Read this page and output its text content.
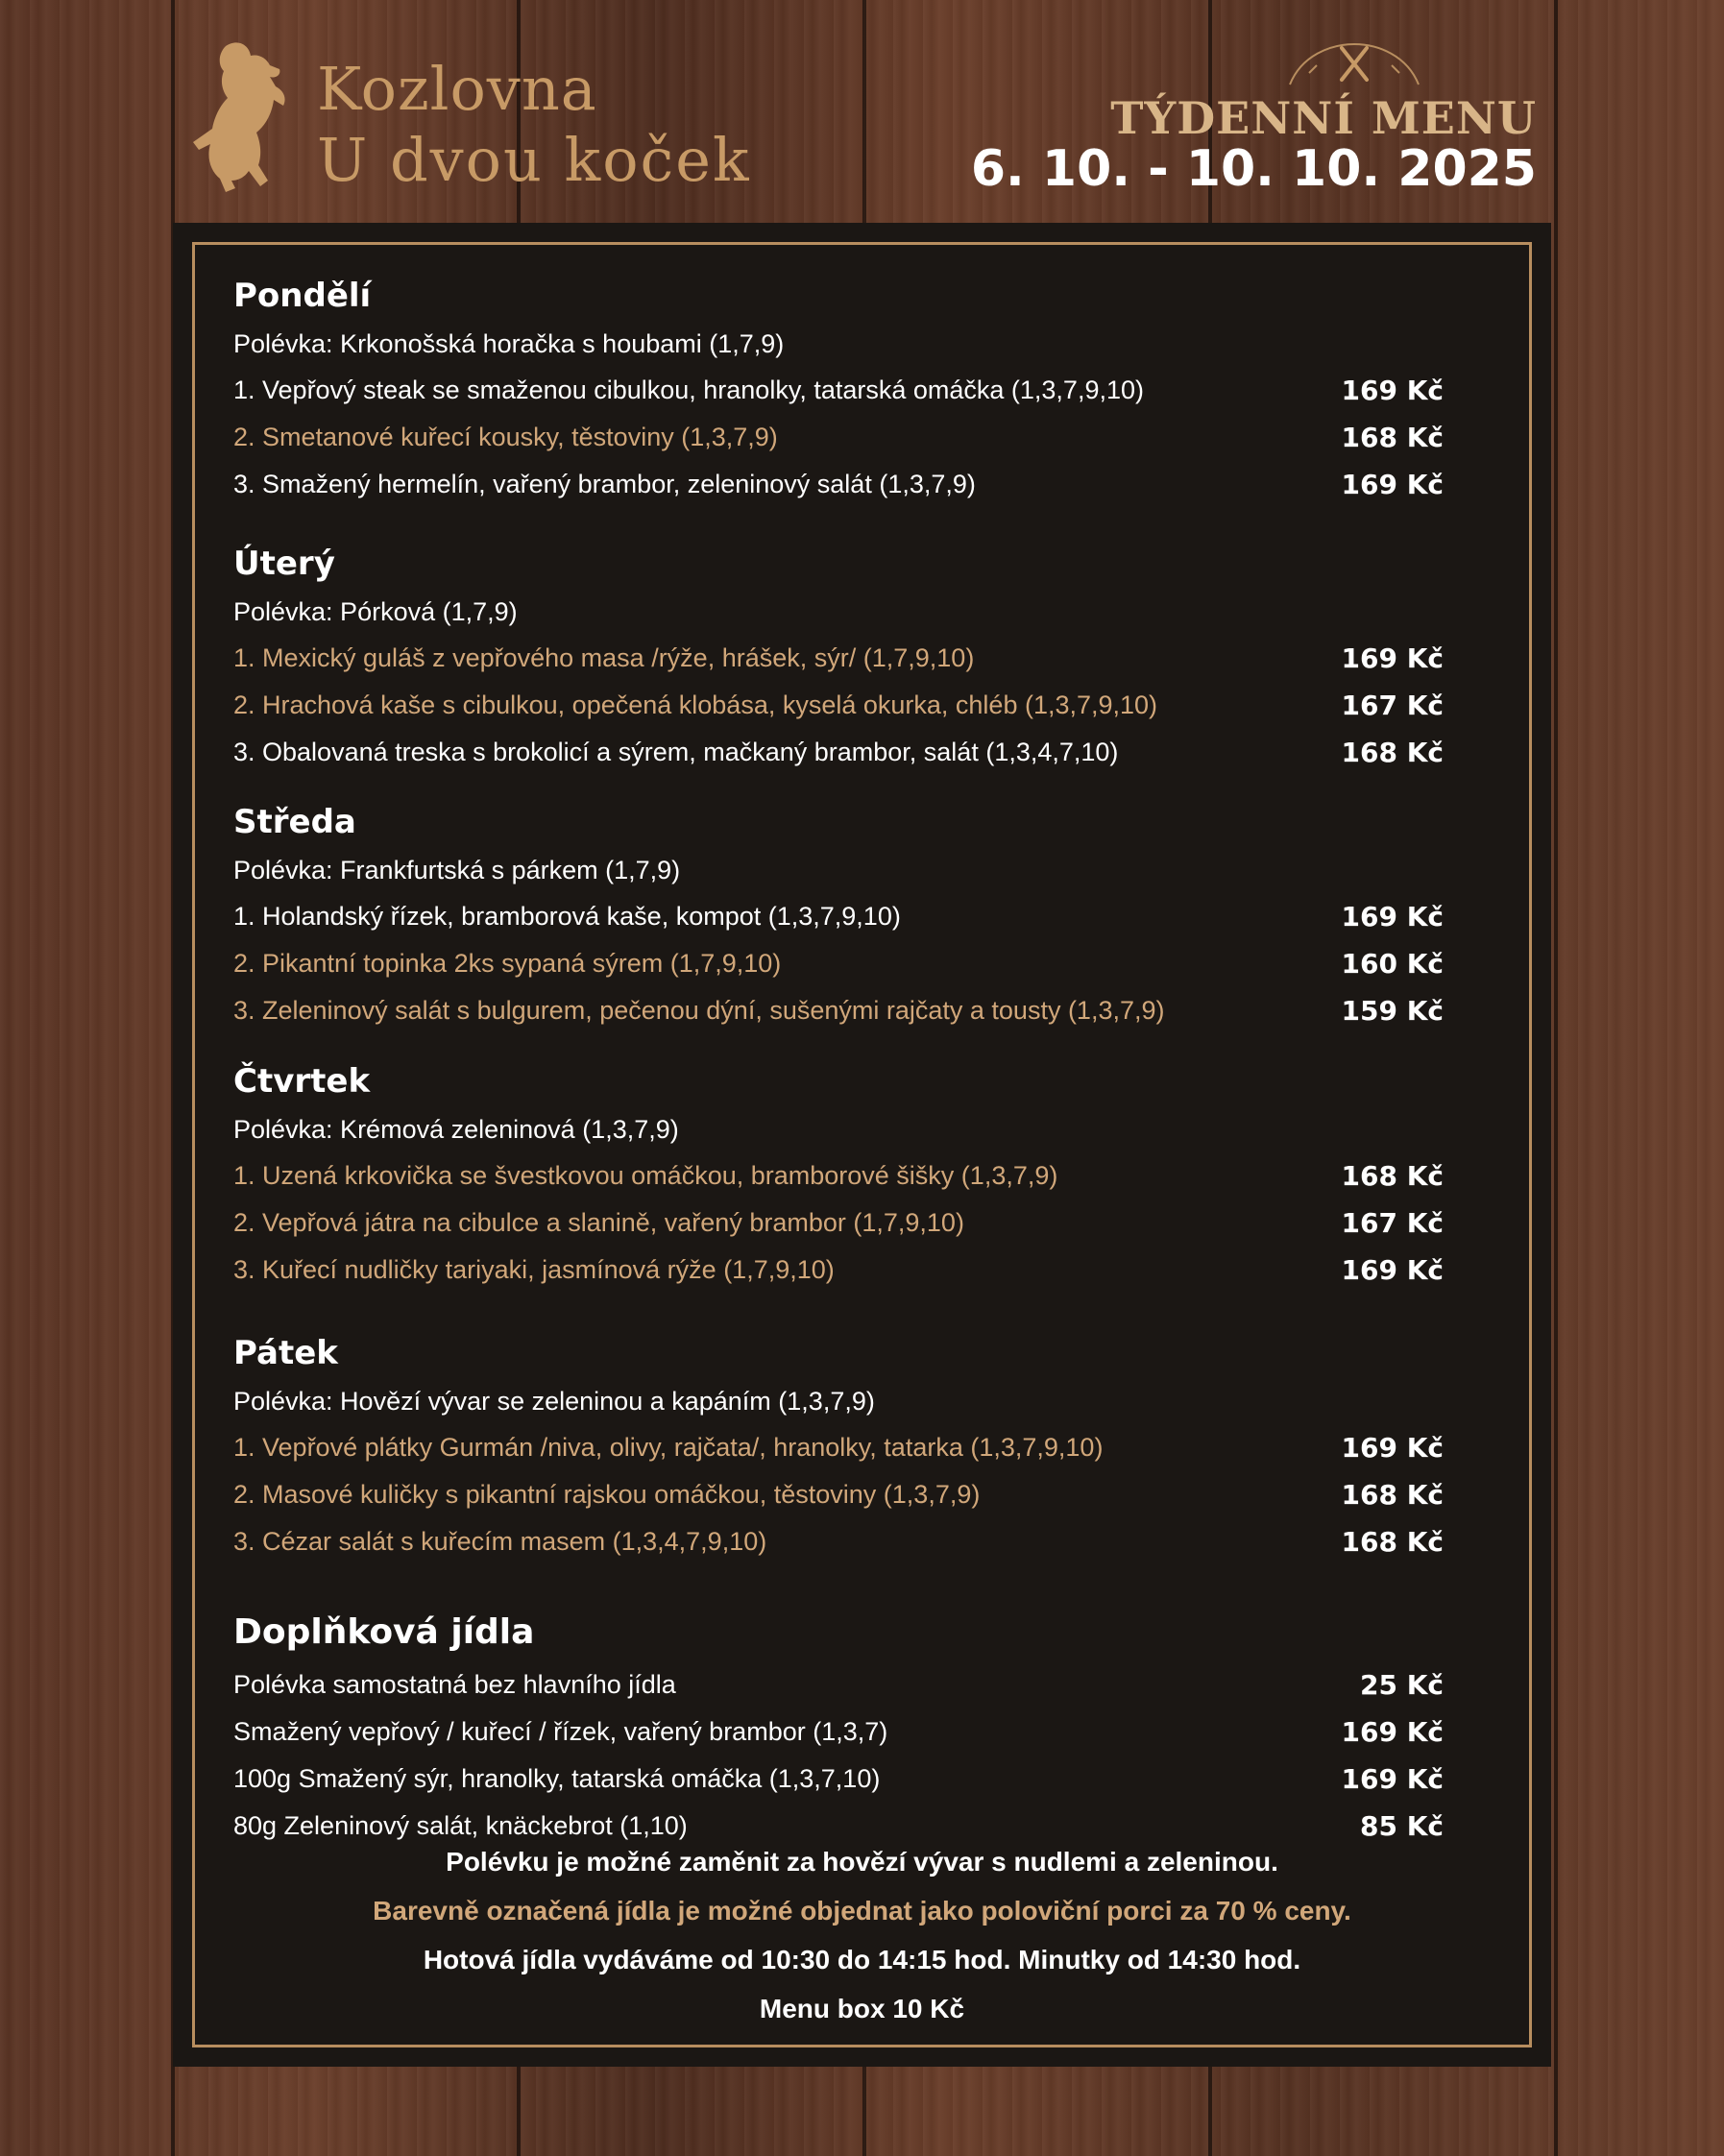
Kozlovna
U dvou koček
TÝDENNÍ MENU
6. 10. - 10. 10. 2025
Pondělí
Polévka: Krkonošská horačka s houbami (1,7,9)
1. Vepřový steak se smaženou cibulkou, hranolky, tatarská omáčka (1,3,7,9,10)	169 Kč
2. Smetanové kuřecí kousky, těstoviny (1,3,7,9)	168 Kč
3. Smažený hermelín, vařený brambor, zeleninový salát (1,3,7,9)	169 Kč
Úterý
Polévka: Pórková (1,7,9)
1. Mexický guláš z vepřového masa /rýže, hrášek, sýr/ (1,7,9,10)	169 Kč
2. Hrachová kaše s cibulkou, opečená klobása, kyselá okurka, chléb (1,3,7,9,10)	167 Kč
3. Obalovaná treska s brokolicí a sýrem, mačkaný brambor, salát (1,3,4,7,10)	168 Kč
Středa
Polévka: Frankfurtská s párkem (1,7,9)
1. Holandský řízek, bramborová kaše, kompot (1,3,7,9,10)	169 Kč
2. Pikantní topinka 2ks sypaná sýrem (1,7,9,10)	160 Kč
3. Zeleninový salát s bulgurem, pečenou dýní, sušenými rajčaty a tousty (1,3,7,9)	159 Kč
Čtvrtek
Polévka: Krémová zeleninová (1,3,7,9)
1. Uzená krkovička se švestkovou omáčkou, bramborové šišky (1,3,7,9)	168 Kč
2. Vepřová játra na cibulce a slanině, vařený brambor (1,7,9,10)	167 Kč
3. Kuřecí nudličky tariyaki, jasmínová rýže (1,7,9,10)	169 Kč
Pátek
Polévka: Hovězí vývar se zeleninou a kapáním (1,3,7,9)
1. Vepřové plátky Gurmán /niva, olivy, rajčata/, hranolky, tatarka (1,3,7,9,10)	169 Kč
2. Masové kuličky s pikantní rajskou omáčkou, těstoviny (1,3,7,9)	168 Kč
3. Cézar salát s kuřecím masem (1,3,4,7,9,10)	168 Kč
Doplňková jídla
Polévka samostatná bez hlavního jídla	25 Kč
Smažený vepřový / kuřecí / řízek, vařený brambor (1,3,7)	169 Kč
100g Smažený sýr, hranolky, tatarská omáčka (1,3,7,10)	169 Kč
80g Zeleninový salát, knäckebrot (1,10)	85 Kč
Polévku je možné zaměnit za hovězí vývar s nudlemi a zeleninou.
Barevně označená jídla je možné objednat jako poloviční porci za 70 % ceny.
Hotová jídla vydáváme od 10:30 do 14:15 hod. Minutky od 14:30 hod.
Menu box 10 Kč
